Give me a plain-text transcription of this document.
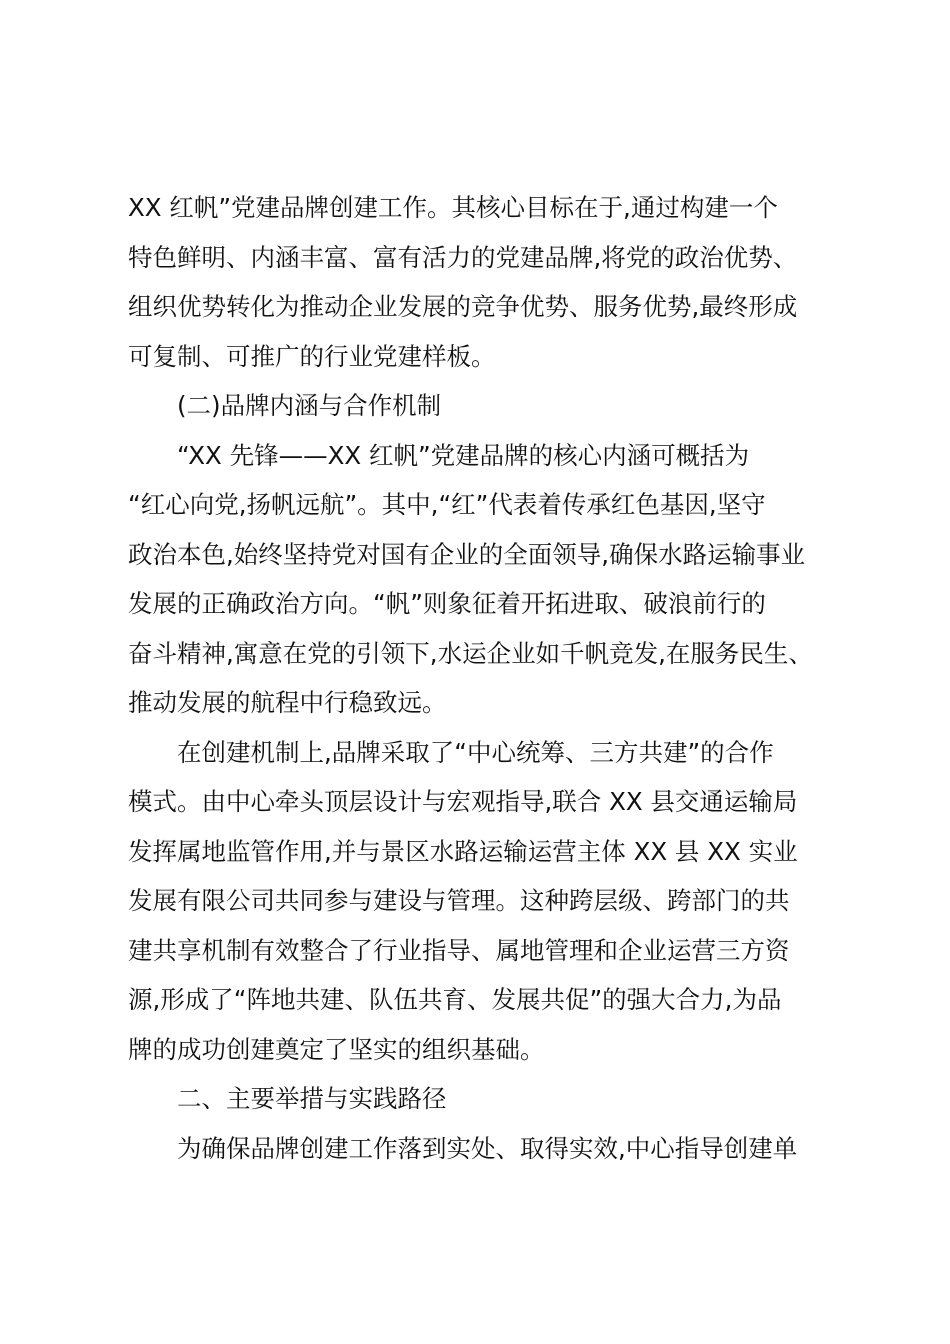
XX 红帆”党建品牌创建工作。其核心目标在于,通过构建一个
特色鲜明、内涵丰富、富有活力的党建品牌,将党的政治优势、
组织优势转化为推动企业发展的竞争优势、服务优势,最终形成
可复制、可推广的行业党建样板。
(二)品牌内涵与合作机制
“XX 先锋——XX 红帆”党建品牌的核心内涵可概括为
“红心向党,扬帆远航”。其中,“红”代表着传承红色基因,坚守
政治本色,始终坚持党对国有企业的全面领导,确保水路运输事业
发展的正确政治方向。“帆”则象征着开拓进取、破浪前行的
奋斗精神,寓意在党的引领下,水运企业如千帆竞发,在服务民生、
推动发展的航程中行稳致远。
在创建机制上,品牌采取了“中心统筹、三方共建”的合作
模式。由中心牵头顶层设计与宏观指导,联合 XX 县交通运输局
发挥属地监管作用,并与景区水路运输运营主体 XX 县 XX 实业
发展有限公司共同参与建设与管理。这种跨层级、跨部门的共
建共享机制有效整合了行业指导、属地管理和企业运营三方资
源,形成了“阵地共建、队伍共育、发展共促”的强大合力,为品
牌的成功创建奠定了坚实的组织基础。
二、主要举措与实践路径
为确保品牌创建工作落到实处、取得实效,中心指导创建单
